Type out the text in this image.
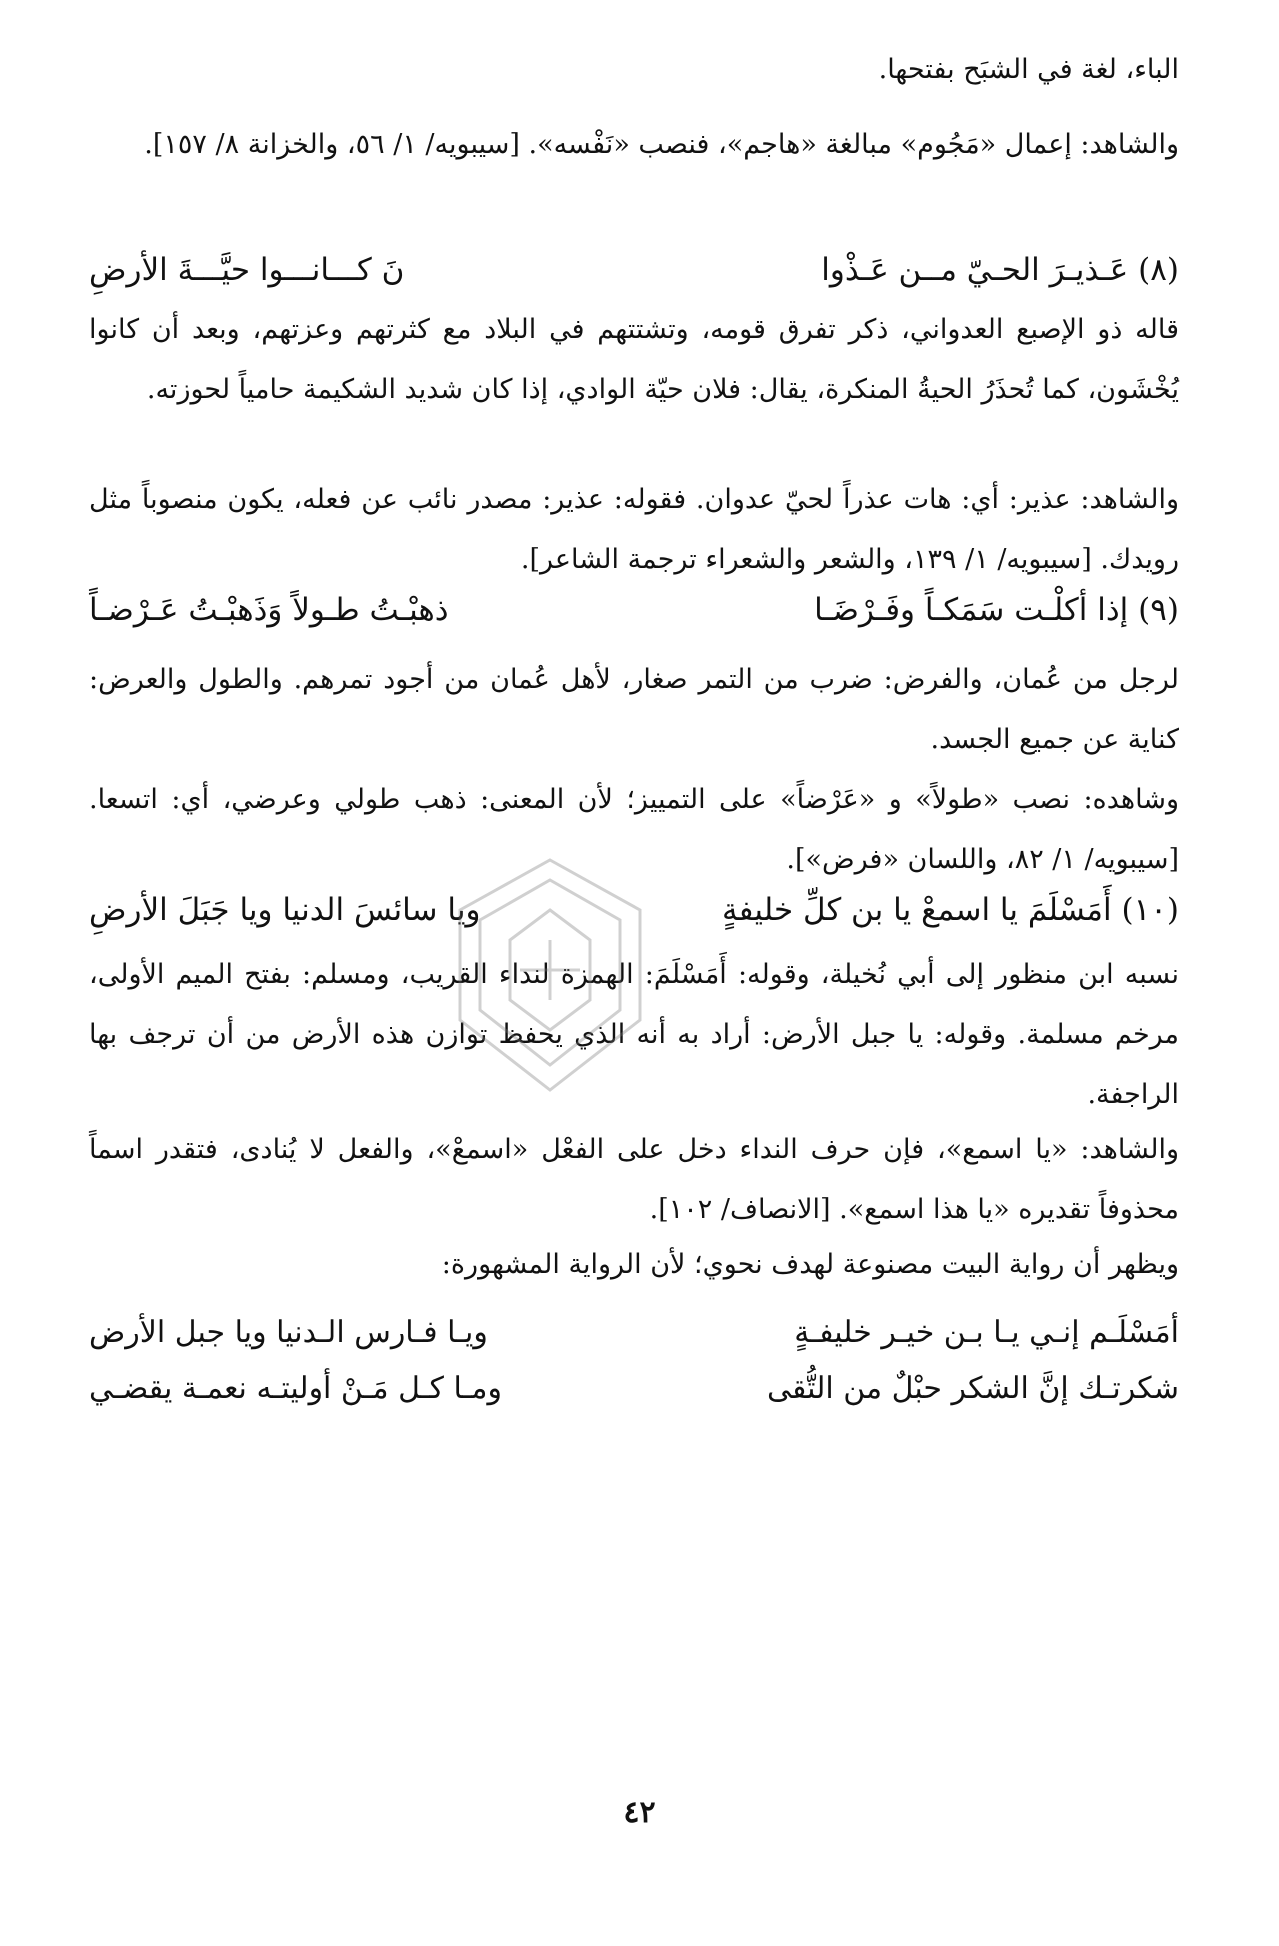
الباء، لغة في الشبَح بفتحها.

والشاهد: إعمال «مَجُوم» مبالغة «هاجم»، فنصب «نَفْسه». [سيبويه/ ١/ ٥٦، والخزانة ٨/ ١٥٧].

(٨) عَـذيـرَ الحـيّ مــن عَـذْوا
نَ كـــانـــوا حيَّـــةَ الأرضِ

قاله ذو الإصبع العدواني، ذكر تفرق قومه، وتشتتهم في البلاد مع كثرتهم وعزتهم، وبعد أن كانوا يُخْشَون، كما تُحذَرُ الحيةُ المنكرة، يقال: فلان حيّة الوادي، إذا كان شديد الشكيمة حامياً لحوزته.

والشاهد: عذير: أي: هات عذراً لحيّ عدوان. فقوله: عذير: مصدر نائب عن فعله، يكون منصوباً مثل رويدك. [سيبويه/ ١/ ١٣٩، والشعر والشعراء ترجمة الشاعر].

(٩) إذا أكلْـت سَمَكـاً وفَـرْضَـا
ذهبْـتُ طـولاً وَذَهبْـتُ عَـرْضـاً

لرجل من عُمان، والفرض: ضرب من التمر صغار، لأهل عُمان من أجود تمرهم. والطول والعرض: كناية عن جميع الجسد.

وشاهده: نصب «طولاً» و «عَرْضاً» على التمييز؛ لأن المعنى: ذهب طولي وعرضي، أي: اتسعا. [سيبويه/ ١/ ٨٢، واللسان «فرض»].

(١٠) أَمَسْلَمَ يا اسمعْ يا بن كلِّ خليفةٍ
ويا سائسَ الدنيا ويا جَبَلَ الأرضِ

نسبه ابن منظور إلى أبي نُخيلة، وقوله: أَمَسْلَمَ: الهمزة لنداء القريب، ومسلم: بفتح الميم الأولى، مرخم مسلمة. وقوله: يا جبل الأرض: أراد به أنه الذي يحفظ توازن هذه الأرض من أن ترجف بها الراجفة.

والشاهد: «يا اسمع»، فإن حرف النداء دخل على الفعْل «اسمعْ»، والفعل لا يُنادى، فتقدر اسماً محذوفاً تقديره «يا هذا اسمع». [الانصاف/ ١٠٢].

ويظهر أن رواية البيت مصنوعة لهدف نحوي؛ لأن الرواية المشهورة:

أمَسْلَـم إنـي يـا بـن خيـر خليفـةٍ
ويـا فـارس الـدنيا ويا جبل الأرض
شكرتـك إنَّ الشكر حبْلٌ من التُّقى
ومـا كـل مَـنْ أوليتـه نعمـة يقضـي
٤٢
